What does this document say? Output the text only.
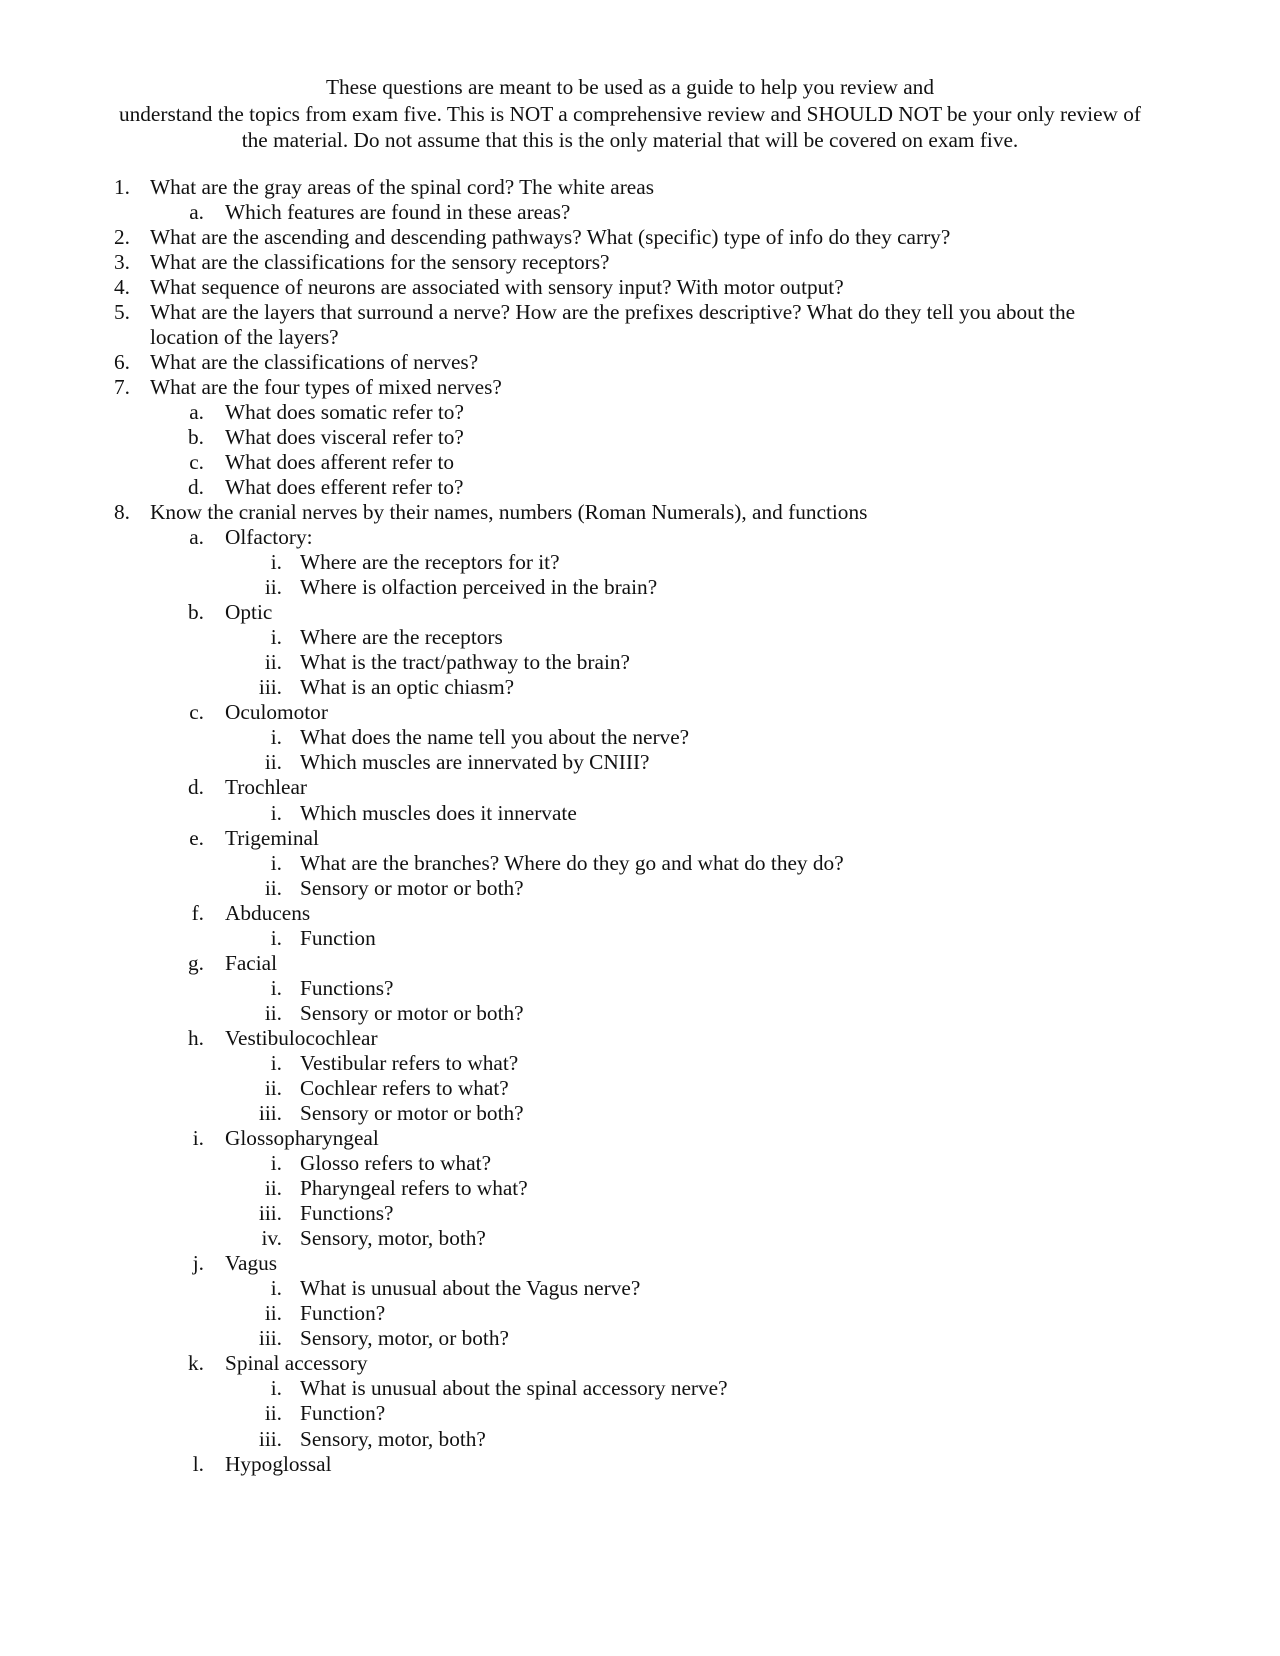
These questions are meant to be used as a guide to help you review and
understand the topics from exam five. This is NOT a comprehensive review and SHOULD NOT be your only review of
the material. Do not assume that this is the only material that will be covered on exam five.
1. What are the gray areas of the spinal cord? The white areas
a. Which features are found in these areas?
2. What are the ascending and descending pathways? What (specific) type of info do they carry?
3. What are the classifications for the sensory receptors?
4. What sequence of neurons are associated with sensory input? With motor output?
5. What are the layers that surround a nerve? How are the prefixes descriptive? What do they tell you about the
location of the layers?
6. What are the classifications of nerves?
7. What are the four types of mixed nerves?
a. What does somatic refer to?
b. What does visceral refer to?
c. What does afferent refer to
d. What does efferent refer to?
8. Know the cranial nerves by their names, numbers (Roman Numerals), and functions
a. Olfactory:
i. Where are the receptors for it?
ii. Where is olfaction perceived in the brain?
b. Optic
i. Where are the receptors
ii. What is the tract/pathway to the brain?
iii. What is an optic chiasm?
c. Oculomotor
i. What does the name tell you about the nerve?
ii. Which muscles are innervated by CNIII?
d. Trochlear
i. Which muscles does it innervate
e. Trigeminal
i. What are the branches? Where do they go and what do they do?
ii. Sensory or motor or both?
f. Abducens
i. Function
g. Facial
i. Functions?
ii. Sensory or motor or both?
h. Vestibulocochlear
i. Vestibular refers to what?
ii. Cochlear refers to what?
iii. Sensory or motor or both?
i. Glossopharyngeal
i. Glosso refers to what?
ii. Pharyngeal refers to what?
iii. Functions?
iv. Sensory, motor, both?
j. Vagus
i. What is unusual about the Vagus nerve?
ii. Function?
iii. Sensory, motor, or both?
k. Spinal accessory
i. What is unusual about the spinal accessory nerve?
ii. Function?
iii. Sensory, motor, both?
l. Hypoglossal
